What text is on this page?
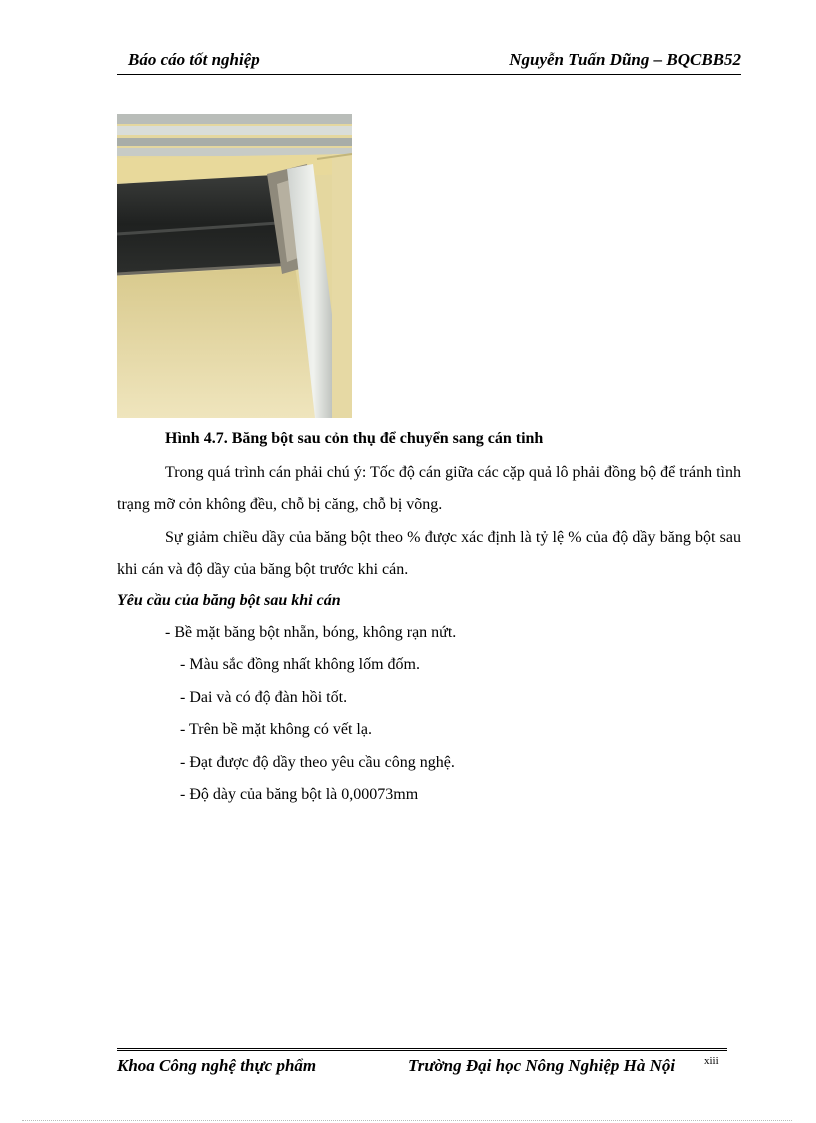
Báo cáo tốt nghiệp	Nguyễn Tuấn Dũng – BQCBB52
Hình 4.7. Băng bột sau cỏn thụ để chuyển sang cán tinh

Trong quá trình cán phải chú ý: Tốc độ cán giữa các cặp quả lô phải đồng bộ để tránh tình trạng mỡ cỏn không đều, chỗ bị căng, chỗ bị võng.

Sự giảm chiều dầy của băng bột theo % được xác định là tỷ lệ % của độ dầy băng bột sau khi cán và độ dầy của băng bột trước khi cán.

Yêu cầu của băng bột sau khi cán
- Bề mặt băng bột nhẵn, bóng, không rạn nứt.
- Màu sắc đồng nhất không lốm đốm.
- Dai và có độ đàn hồi tốt.
- Trên bề mặt không có vết lạ.
- Đạt được độ dầy theo yêu cầu công nghệ.
- Độ dày của băng bột là 0,00073mm
Khoa Công nghệ thực phẩm	Trường Đại học Nông Nghiệp Hà Nội	xiii
